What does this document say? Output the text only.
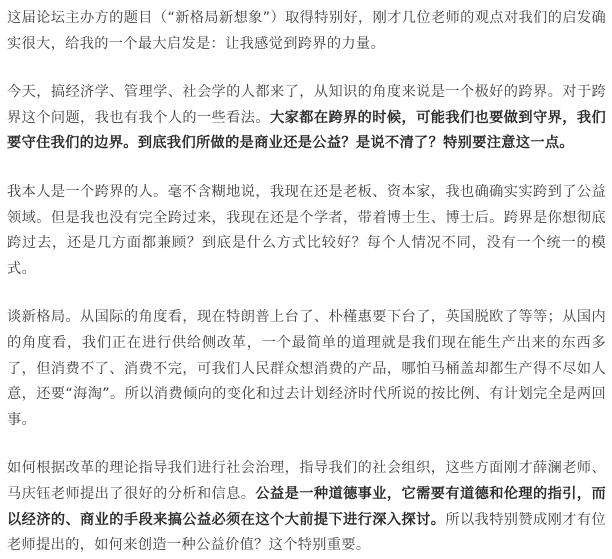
这届论坛主办方的题目（“新格局新想象”）取得特别好，刚才几位老师的观点对我们的启发确实很大，给我的一个最大启发是：让我感觉到跨界的力量。

今天，搞经济学、管理学、社会学的人都来了，从知识的角度来说是一个极好的跨界。对于跨界这个问题，我也有我个人的一些看法。大家都在跨界的时候，可能我们也要做到守界，我们要守住我们的边界。到底我们所做的是商业还是公益？是说不清了？特别要注意这一点。

我本人是一个跨界的人。毫不含糊地说，我现在还是老板、资本家，我也确确实实跨到了公益领域。但是我也没有完全跨过来，我现在还是个学者，带着博士生、博士后。跨界是你想彻底跨过去，还是几方面都兼顾？到底是什么方式比较好？每个人情况不同，没有一个统一的模式。

谈新格局。从国际的角度看，现在特朗普上台了、朴槿惠要下台了，英国脱欧了等等；从国内的角度看，我们正在进行供给侧改革，一个最简单的道理就是我们现在能生产出来的东西多了，但消费不了、消费不完，可我们人民群众想消费的产品，哪怕马桶盖却都生产得不尽如人意，还要“海淘”。所以消费倾向的变化和过去计划经济时代所说的按比例、有计划完全是两回事。

如何根据改革的理论指导我们进行社会治理，指导我们的社会组织，这些方面刚才薛澜老师、马庆钰老师提出了很好的分析和信息。公益是一种道德事业，它需要有道德和伦理的指引，而以经济的、商业的手段来搞公益必须在这个大前提下进行深入探讨。所以我特别赞成刚才有位老师提出的，如何来创造一种公益价值？这个特别重要。
